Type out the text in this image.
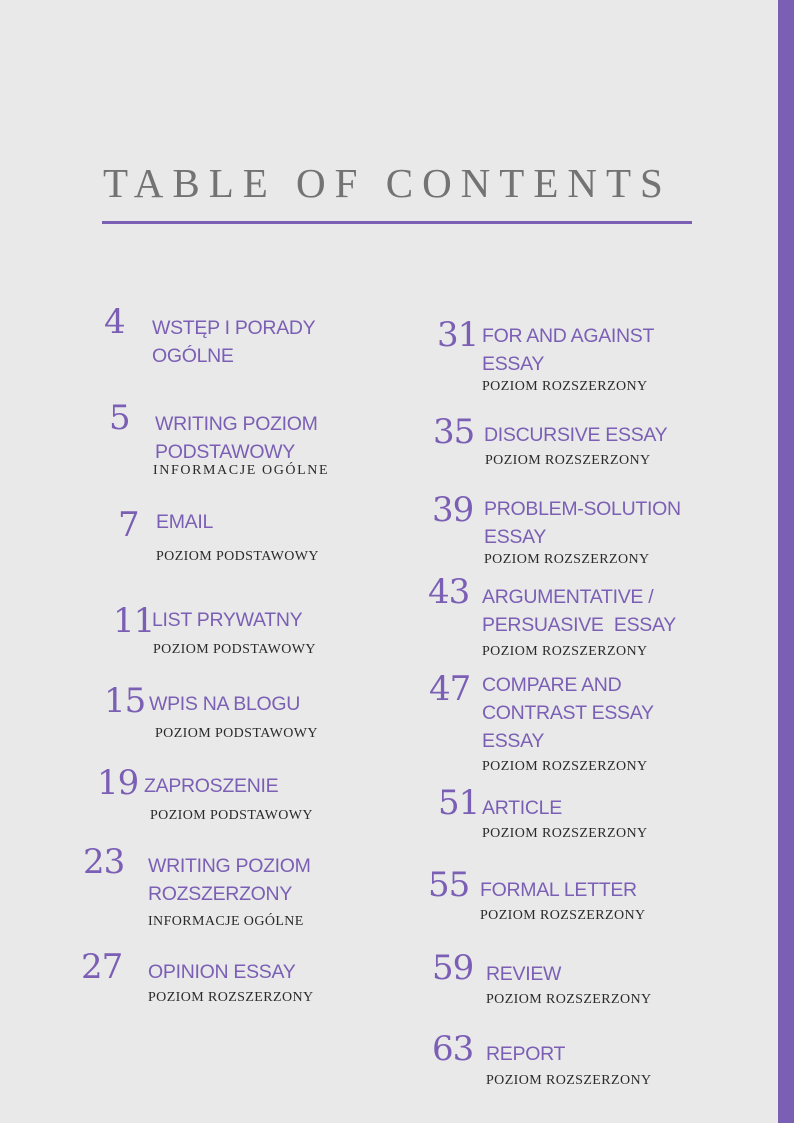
TABLE OF CONTENTS
4 WSTĘP I PORADY
OGÓLNE
5 WRITING POZIOM
PODSTAWOWY
INFORMACJE OGÓLNE
7 EMAIL
POZIOM PODSTAWOWY
11
LIST PRYWATNY
POZIOM PODSTAWOWY
15 WPIS NA BLOGU
POZIOM PODSTAWOWY
19 ZAPROSZENIE
POZIOM PODSTAWOWY
23 WRITING POZIOM
ROZSZERZONY
INFORMACJE OGÓLNE
27 OPINION ESSAY
POZIOM ROZSZERZONY
31 FOR AND AGAINST
ESSAY
POZIOM ROZSZERZONY
35 DISCURSIVE ESSAY
POZIOM ROZSZERZONY
39 PROBLEM-SOLUTION
ESSAY
POZIOM ROZSZERZONY
43 ARGUMENTATIVE /
PERSUASIVE  ESSAY
POZIOM ROZSZERZONY
47 COMPARE AND
CONTRAST ESSAY
ESSAY
POZIOM ROZSZERZONY
51 ARTICLE
POZIOM ROZSZERZONY
55 FORMAL LETTER
POZIOM ROZSZERZONY
59 REVIEW
POZIOM ROZSZERZONY
63 REPORT
POZIOM ROZSZERZONY
